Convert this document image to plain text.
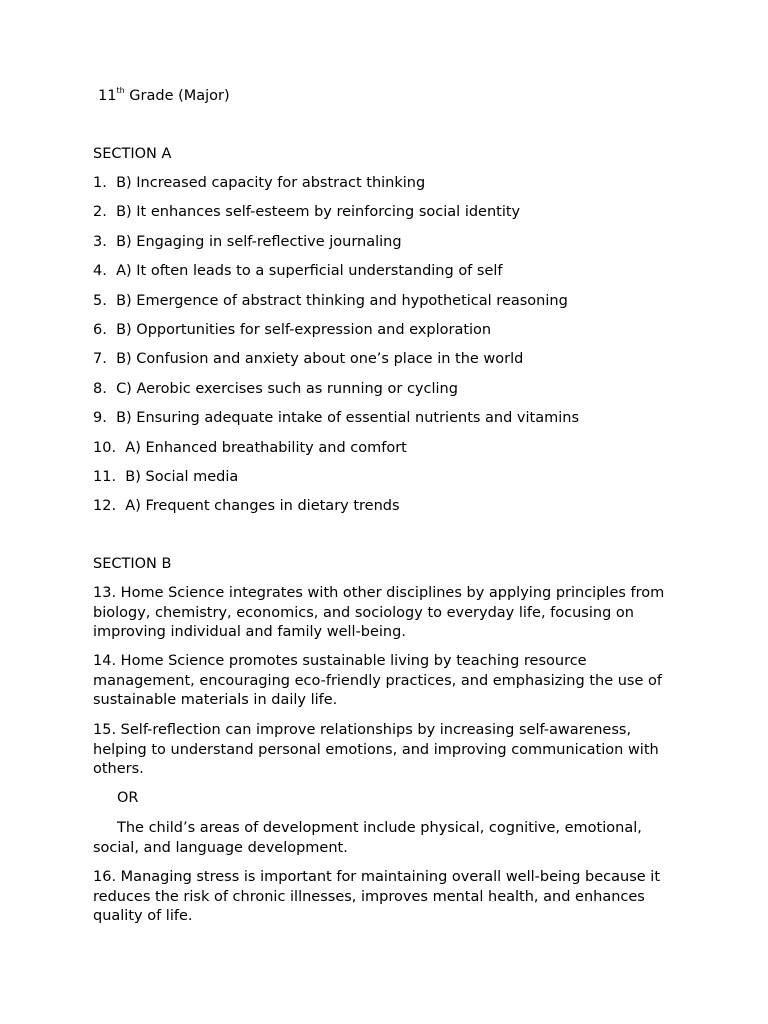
11th Grade (Major)
SECTION A
1. B) Increased capacity for abstract thinking
2. B) It enhances self-esteem by reinforcing social identity
3. B) Engaging in self-reflective journaling
4. A) It often leads to a superficial understanding of self
5. B) Emergence of abstract thinking and hypothetical reasoning
6. B) Opportunities for self-expression and exploration
7. B) Confusion and anxiety about one’s place in the world
8. C) Aerobic exercises such as running or cycling
9. B) Ensuring adequate intake of essential nutrients and vitamins
10. A) Enhanced breathability and comfort
11. B) Social media
12. A) Frequent changes in dietary trends
SECTION B

13. Home Science integrates with other disciplines by applying principles from biology, chemistry, economics, and sociology to everyday life, focusing on improving individual and family well-being.

14. Home Science promotes sustainable living by teaching resource management, encouraging eco-friendly practices, and emphasizing the use of sustainable materials in daily life.

15. Self-reflection can improve relationships by increasing self-awareness, helping to understand personal emotions, and improving communication with others.

OR

The child’s areas of development include physical, cognitive, emotional, social, and language development.

16. Managing stress is important for maintaining overall well-being because it reduces the risk of chronic illnesses, improves mental health, and enhances quality of life.
